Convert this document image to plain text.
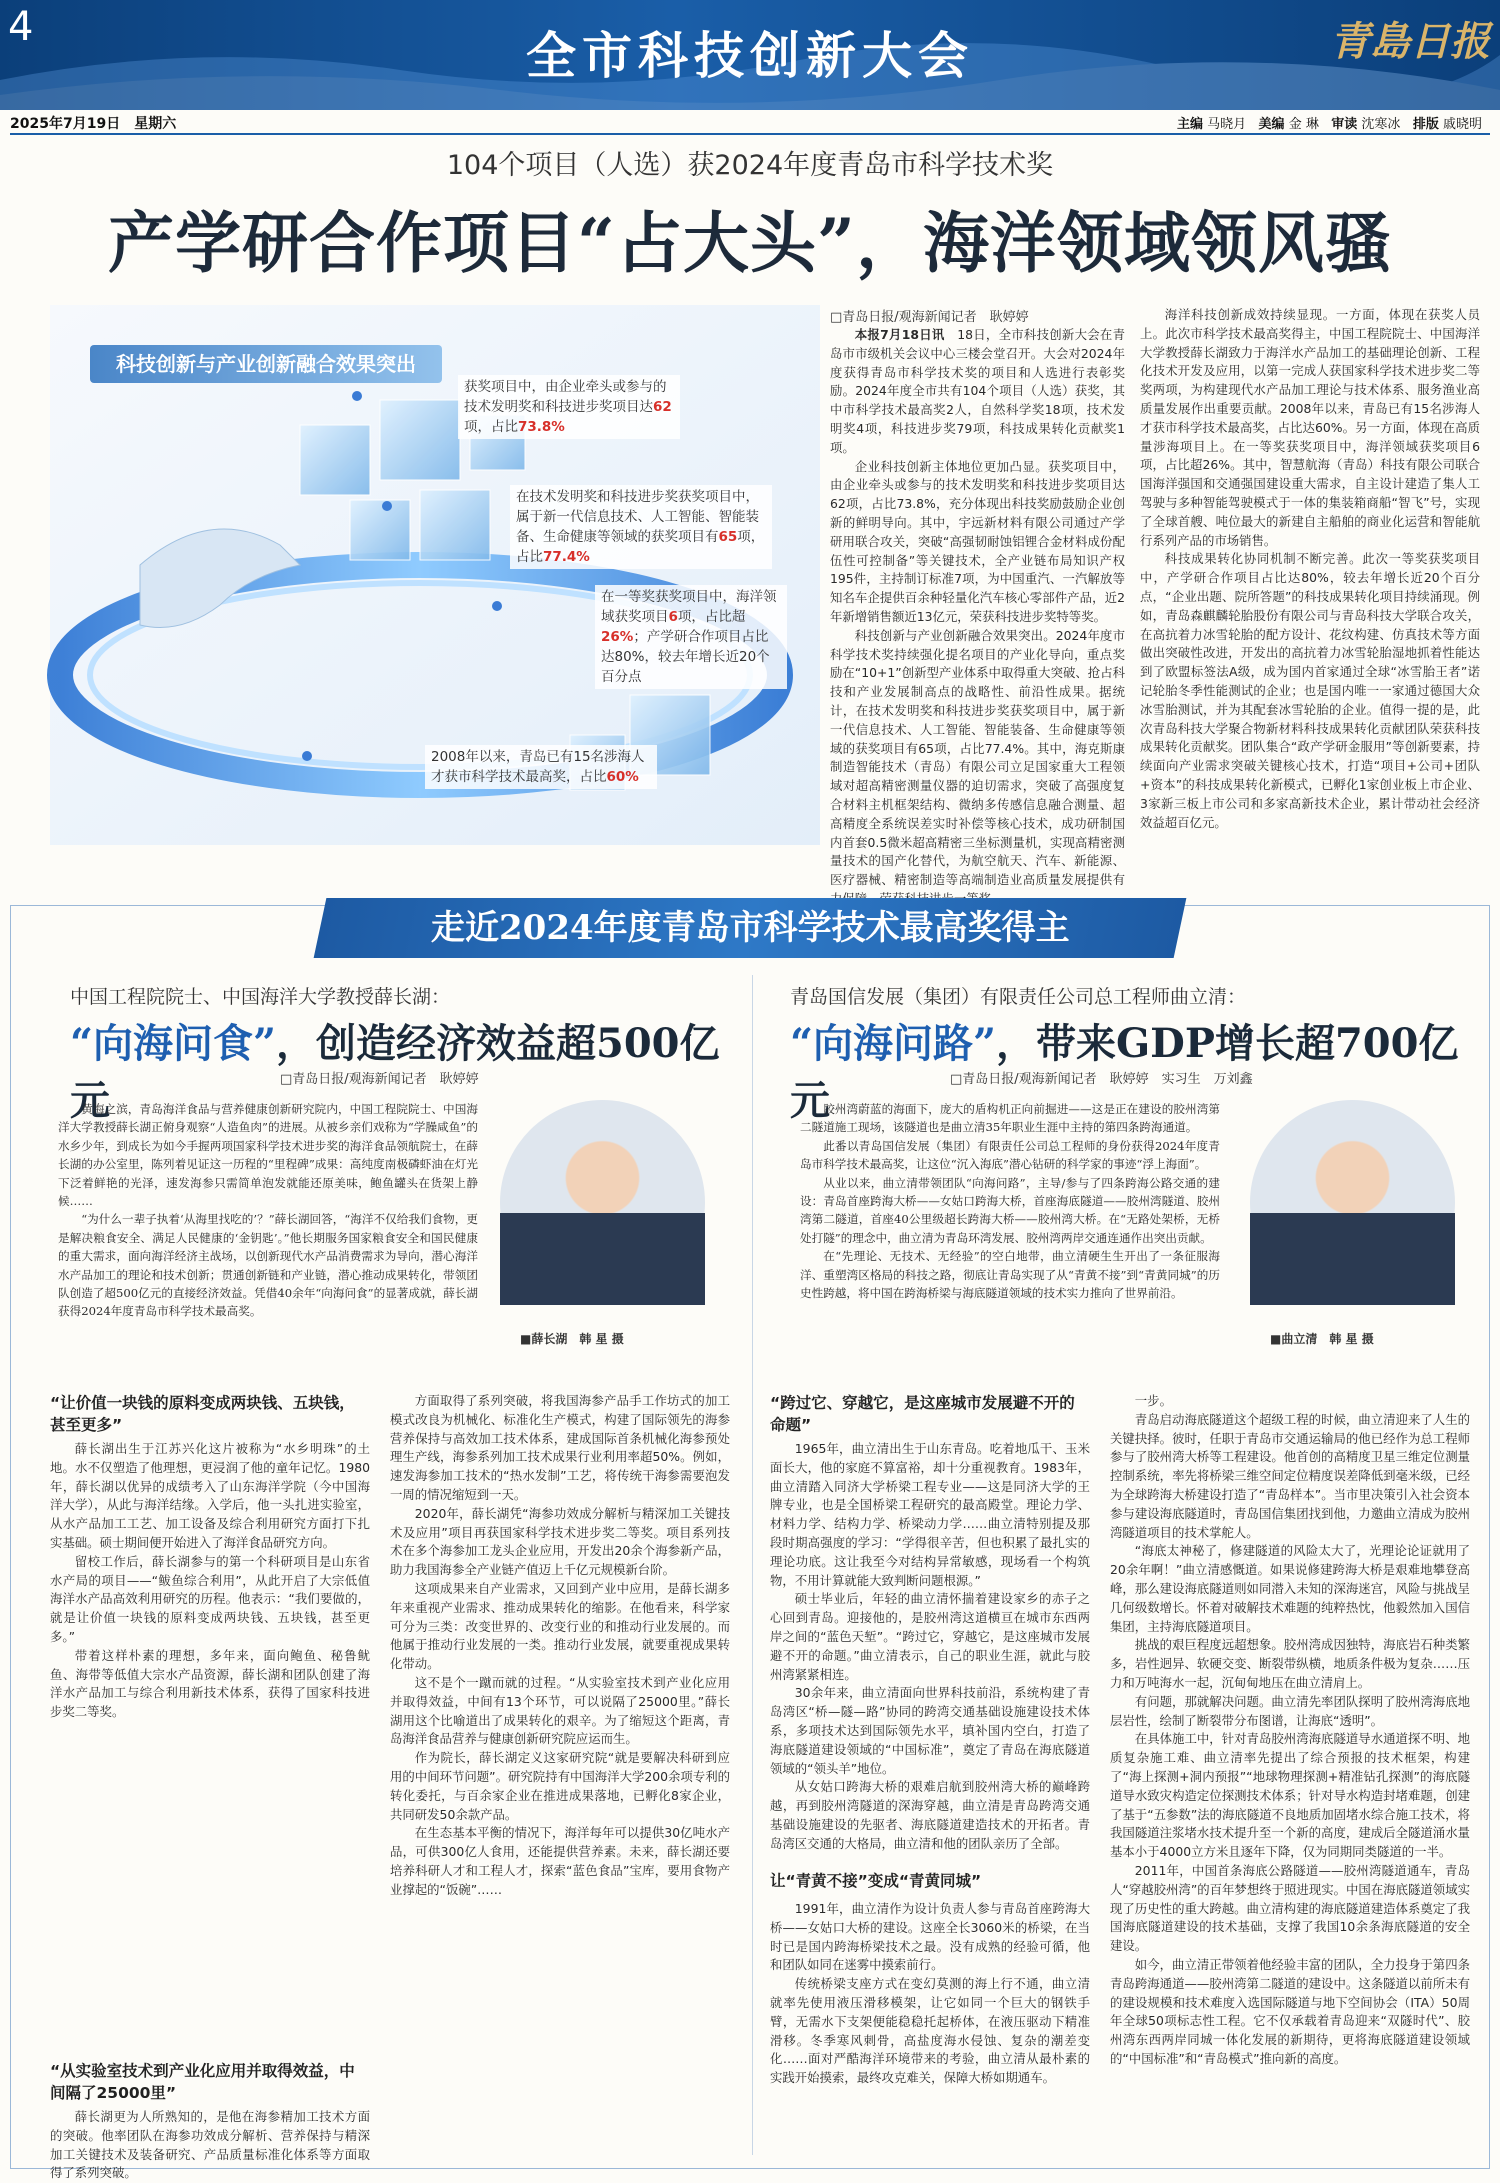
4	全市科技创新大会	青島日报
2025年7月19日　星期六	主编 马晓月 美编 金 琳 审读 沈寒冰 排版 戚晓明
104个项目（人选）获2024年度青岛市科学技术奖
产学研合作项目“占大头”，海洋领域领风骚
科技创新与产业创新融合效果突出
获奖项目中，由企业牵头或参与的技术发明奖和科技进步奖项目达62项，占比73.8%
在技术发明奖和科技进步奖获奖项目中，属于新一代信息技术、人工智能、智能装备、生命健康等领域的获奖项目有65项，占比77.4%
在一等奖获奖项目中，海洋领域获奖项目6项，占比超26%；产学研合作项目占比达80%，较去年增长近20个百分点
2008年以来，青岛已有15名涉海人才获市科学技术最高奖，占比60%
□青岛日报/观海新闻记者　耿婷婷

本报7月18日讯　 18日，全市科技创新大会在青岛市市级机关会议中心三楼会堂召开。大会对2024年度获得青岛市科学技术奖的项目和人选进行表彰奖励。2024年度全市共有104个项目（人选）获奖，其中市科学技术最高奖2人，自然科学奖18项，技术发明奖4项，科技进步奖79项，科技成果转化贡献奖1项。

企业科技创新主体地位更加凸显。获奖项目中，由企业牵头或参与的技术发明奖和科技进步奖项目达62项，占比73.8%，充分体现出科技奖励鼓励企业创新的鲜明导向。其中，宇远新材料有限公司通过产学研用联合攻关，突破“高强韧耐蚀铝锂合金材料成份配伍性可控制备”等关键技术，全产业链布局知识产权195件，主持制订标准7项，为中国重汽、一汽解放等知名车企提供百余种轻量化汽车核心零部件产品，近2年新增销售额近13亿元，荣获科技进步奖特等奖。

科技创新与产业创新融合效果突出。2024年度市科学技术奖持续强化提名项目的产业化导向，重点奖励在“10+1”创新型产业体系中取得重大突破、抢占科技和产业发展制高点的战略性、前沿性成果。据统计，在技术发明奖和科技进步奖获奖项目中，属于新一代信息技术、人工智能、智能装备、生命健康等领域的获奖项目有65项，占比77.4%。其中，海克斯康制造智能技术（青岛）有限公司立足国家重大工程领域对超高精密测量仪器的迫切需求，突破了高强度复合材料主机框架结构、微纳多传感信息融合测量、超高精度全系统误差实时补偿等核心技术，成功研制国内首套0.5微米超高精密三坐标测量机，实现高精密测量技术的国产化替代，为航空航天、汽车、新能源、医疗器械、精密制造等高端制造业高质量发展提供有

海洋科技创新成效持续显现。一方面，体现在获奖人员上。此次市科学技术最高奖得主，中国工程院院士、中国海洋大学教授薛长湖致力于海洋水产品加工的基础理论创新、工程化技术开发及应用，以第一完成人获国家科学技术进步奖二等奖两项，为构建现代水产品加工理论与技术体系、服务渔业高质量发展作出重要贡献。2008年以来，青岛已有15名涉海人才获市科学技术最高奖，占比达60%。另一方面，体现在高质量涉海项目上。在一等奖获奖项目中，海洋领域获奖项目6项，占比超26%。其中，智慧航海（青岛）科技有限公司联合国海洋强国和交通强国建设重大需求，自主设计建造了集人工驾驶与多种智能驾驶模式于一体的集装箱商船“智飞”号，实现了全球首艘、吨位最大的新建自主船舶的商业化运营和智能航行系列产品的市场销售。

科技成果转化协同机制不断完善。此次一等奖获奖项目中，产学研合作项目占比达80%，较去年增长近20个百分点，“企业出题、院所答题”的科技成果转化项目持续涌现。例如，青岛森麒麟轮胎股份有限公司与青岛科技大学联合攻关，在高抗着力冰雪轮胎的配方设计、花纹构建、仿真技术等方面做出突破性改进，开发出的高抗着力冰雪轮胎湿地抓着性能达到了欧盟标签法A级，成为国内首家通过全球“冰雪胎王者”诺记轮胎冬季性能测试的企业；也是国内唯一一家通过德国大众冰雪胎测试，并为其配套冰雪轮胎的企业。值得一提的是，此次青岛科技大学聚合物新材料科技成果转化贡献团队荣获科技成果转化贡献奖。团队集合“政产学研金服用”等创新要素，持续面向产业需求突破关键核心技术，打造“项目+公司+团队+资本”的科技成果转化新模式，已孵化1家创业板上市企业、3家新三板上市公司和多家高新技术企业，累计带动社会经济效益超百亿元。

走近2024年度青岛市科学技术最高奖得主
中国工程院院士、中国海洋大学教授薛长湖：
“向海问食”，创造经济效益超500亿元	□青岛日报/观海新闻记者　耿婷婷

黄海之滨，青岛海洋食品与营养健康创新研究院内，中国工程院院士、中国海洋大学教授薛长湖正俯身观察“人造鱼肉”的进展。从被乡亲们戏称为“学臊咸鱼”的水乡少年，到成长为如今手握两项国家科学技术进步奖的海洋食品领航院士，在薛长湖的办公室里，陈列着见证这一历程的“里程碑”成果：高纯度南极磷虾油在灯光下泛着鲜艳的光泽，速发海参只需简单泡发就能还原美味，鲍鱼罐头在货架上静候……

“为什么一辈子执着‘从海里找吃的’？”薛长湖回答，“海洋不仅给我们食物，更是解决粮食安全、满足人民健康的‘金钥匙’。”他长期服务国家粮食安全和国民健康的重大需求，面向海洋经济主战场，以创新现代水产品消费需求为导向，潜心海洋水产品加工的理论和技术创新；贯通创新链和产业链，潜心推动成果转化，带领团队创造了超500亿元的直接经济效益。凭借40余年“向海问食”的显著成就，薛长湖获得2024年度青岛市科学技术最高奖。

■薛长湖　韩 星 摄
“让价值一块钱的原料变成两块钱、五块钱，甚至更多”

薛长湖出生于江苏兴化这片被称为“水乡明珠”的土地。水不仅塑造了他理想，更浸润了他的童年记忆。1980年，薛长湖以优异的成绩考入了山东海洋学院（今中国海洋大学），从此与海洋结缘。入学后，他一头扎进实验室，从水产品加工工艺、加工设备及综合利用研究方面打下扎实基础。硕士期间便开始进入了海洋食品研究方向。

留校工作后，薛长湖参与的第一个科研项目是山东省水产局的项目——“鲅鱼综合利用”，从此开启了大宗低值海洋水产品高效利用研究的历程。他表示：“我们要做的，就是让价值一块钱的原料变成两块钱、五块钱，甚至更多。”

带着这样朴素的理想，多年来，面向鲍鱼、秘鲁鱿鱼、海带等低值大宗水产品资源，薛长湖和团队创建了海洋水产品加工与综合利用新技术体系，获得了国家科技进步奖二等奖。

“从实验室技术到产业化应用并取得效益，中间隔了25000里”

薛长湖更为人所熟知的，是他在海参精加工技术方面的突破。他率团队在海参功效成分解析、营养保持与精深加工关键技术及装备研究、产品质量标准化体系等方面取得了系列突破。

方面取得了系列突破，将我国海参产品手工作坊式的加工模式改良为机械化、标准化生产模式，构建了国际领先的海参营养保持与高效加工技术体系，建成国际首条机械化海参预处理生产线，海参系列加工技术成果行业利用率超50%。例如，速发海参加工技术的“热水发制”工艺，将传统干海参需要泡发一周的情况缩短到一天。

2020年，薛长湖凭“海参功效成分解析与精深加工关键技术及应用”项目再获国家科学技术进步奖二等奖。项目系列技术在多个海参加工龙头企业应用，开发出20余个海参新产品，助力我国海参全产业链产值迈上千亿元规模新台阶。

这项成果来自产业需求，又回到产业中应用，是薛长湖多年来重视产业需求、推动成果转化的缩影。在他看来，科学家可分为三类：改变世界的、改变行业的和推动行业发展的。而他属于推动行业发展的一类。推动行业发展，就要重视成果转化带动。

这不是个一蹴而就的过程。“从实验室技术到产业化应用并取得效益，中间有13个环节，可以说隔了25000里。”薛长湖用这个比喻道出了成果转化的艰辛。为了缩短这个距离，青岛海洋食品营养与健康创新研究院应运而生。

作为院长，薛长湖定义这家研究院“就是要解决科研到应用的中间环节问题”。研究院持有中国海洋大学200余项专利的转化委托，与百余家企业在推进成果落地，已孵化8家企业，共同研发50余款产品。

在生态基本平衡的情况下，海洋每年可以提供30亿吨水产品，可供300亿人食用，还能提供营养素。未来，薛长湖还要培养科研人才和工程人才，探索“蓝色食品”宝库，要用食物产业撑起的“饭碗”……

青岛国信发展（集团）有限责任公司总工程师曲立清：
“向海问路”，带来GDP增长超700亿元	□青岛日报/观海新闻记者　耿婷婷　实习生　万刘鑫

胶州湾蔚蓝的海面下，庞大的盾构机正向前掘进——这是正在建设的胶州湾第二隧道施工现场，该隧道也是曲立清35年职业生涯中主持的第四条跨海通道。

此番以青岛国信发展（集团）有限责任公司总工程师的身份获得2024年度青岛市科学技术最高奖，让这位“沉入海底”潜心钻研的科学家的事迹“浮上海面”。

从业以来，曲立清带领团队“向海问路”，主导/参与了四条跨海公路交通的建设：青岛首座跨海大桥——女姑口跨海大桥，首座海底隧道——胶州湾隧道、胶州湾第二隧道，首座40公里级超长跨海大桥——胶州湾大桥。在“无路处架桥，无桥处打隧”的理念中，曲立清为青岛环湾发展、胶州湾两岸交通连通作出突出贡献。

在“先理论、无技术、无经验”的空白地带，曲立清硬生生开出了一条征服海洋、重塑湾区格局的科技之路，彻底让青岛实现了从“青黄不接”到“青黄同城”的历史性跨越，将中国在跨海桥梁与海底隧道领域的技术实力推向了世界前沿。

■曲立清　韩 星 摄
“跨过它、穿越它，是这座城市发展避不开的命题”

1965年，曲立清出生于山东青岛。吃着地瓜干、玉米面长大，他的家庭不算富裕，却十分重视教育。1983年，曲立清踏入同济大学桥梁工程专业——这是同济大学的王牌专业，也是全国桥梁工程研究的最高殿堂。理论力学、材料力学、结构力学、桥梁动力学……曲立清特别提及那段时期高强度的学习：“学得很辛苦，但也积累了最扎实的理论功底。这让我至今对结构异常敏感，现场看一个构筑物，不用计算就能大致判断问题根源。”

硕士毕业后，年轻的曲立清怀揣着建设家乡的赤子之心回到青岛。迎接他的，是胶州湾这道横亘在城市东西两岸之间的“蓝色天堑”。“跨过它，穿越它，是这座城市发展避不开的命题。”曲立清表示，自己的职业生涯，就此与胶州湾紧紧相连。

30余年来，曲立清面向世界科技前沿，系统构建了青岛湾区“桥—隧—路”协同的跨湾交通基础设施建设技术体系，多项技术达到国际领先水平，填补国内空白，打造了海底隧道建设领域的“中国标准”，奠定了青岛在海底隧道领域的“领头羊”地位。

从女姑口跨海大桥的艰难启航到胶州湾大桥的巅峰跨越，再到胶州湾隧道的深海穿越，曲立清是青岛跨湾交通基础设施建设的先驱者、海底隧道建造技术的开拓者。青岛湾区交通的大格局，曲立清和他的团队亲历了全部。

让“青黄不接”变成“青黄同城”

1991年，曲立清作为设计负责人参与青岛首座跨海大桥——女姑口大桥的建设。这座全长3060米的桥梁，在当时已是国内跨海桥梁技术之最。没有成熟的经验可循，他和团队如同在迷雾中摸索前行。

传统桥梁支座方式在变幻莫测的海上行不通，曲立清就率先使用液压滑移模架，让它如同一个巨大的钢铁手臂，无需水下支架便能稳稳托起桥体，在液压驱动下精准滑移。冬季寒风刺骨，高盐度海水侵蚀、复杂的潮差变化……面对严酷海洋环境带来的考验，曲立清从最朴素的实践开始摸索，最终攻克难关，保障大桥如期通车。

一步。

青岛启动海底隧道这个超级工程的时候，曲立清迎来了人生的关键抉择。彼时，任职于青岛市交通运输局的他已经作为总工程师参与了胶州湾大桥等工程建设。他首创的高精度卫星三维定位测量控制系统，率先将桥梁三维空间定位精度误差降低到毫米级，已经为全球跨海大桥建设打造了“青岛样本”。当市里决策引入社会资本参与建设海底隧道时，青岛国信集团找到他，力邀曲立清成为胶州湾隧道项目的技术掌舵人。

“海底太神秘了，修建隧道的风险太大了，光理论论证就用了20余年啊！”曲立清感慨道。如果说修建跨海大桥是艰难地攀登高峰，那么建设海底隧道则如同潜入未知的深海迷宫，风险与挑战呈几何级数增长。怀着对破解技术难题的纯粹热忱，他毅然加入国信集团，主持海底隧道项目。

挑战的艰巨程度远超想象。胶州湾成因独特，海底岩石种类繁多，岩性迥异、软硬交变、断裂带纵横，地质条件极为复杂……压力和万吨海水一起，沉甸甸地压在曲立清肩上。

有问题，那就解决问题。曲立清先率团队探明了胶州湾海底地层岩性，绘制了断裂带分布图谱，让海底“透明”。

在具体施工中，针对青岛胶州湾海底隧道导水通道探不明、地质复杂施工难、曲立清率先提出了综合预报的技术框架，构建了“海上探测+洞内预报”“地球物理探测+精准钻孔探测”的海底隧道导水致灾构造定位探测技术体系；针对导水构造封堵难题，创建了基于“五参数”法的海底隧道不良地质加固堵水综合施工技术，将我国隧道注浆堵水技术提升至一个新的高度，建成后全隧道涌水量基本小于4000立方米且逐年下降，仅为同期同类隧道的一半。

2011年，中国首条海底公路隧道——胶州湾隧道通车，青岛人“穿越胶州湾”的百年梦想终于照进现实。中国在海底隧道领域实现了历史性的重大跨越。曲立清构建的海底隧道建造体系奠定了我国海底隧道建设的技术基础，支撑了我国10余条海底隧道的安全建设。

如今，曲立清正带领着他经验丰富的团队，全力投身于第四条青岛跨海通道——胶州湾第二隧道的建设中。这条隧道以前所未有的建设规模和技术难度入选国际隧道与地下空间协会（ITA）50周年全球50项标志性工程。它不仅承载着青岛迎来“双隧时代”、胶州湾东西两岸同城一体化发展的新期待，更将海底隧道建设领域的“中国标准”和“青岛模式”推向新的高度。
